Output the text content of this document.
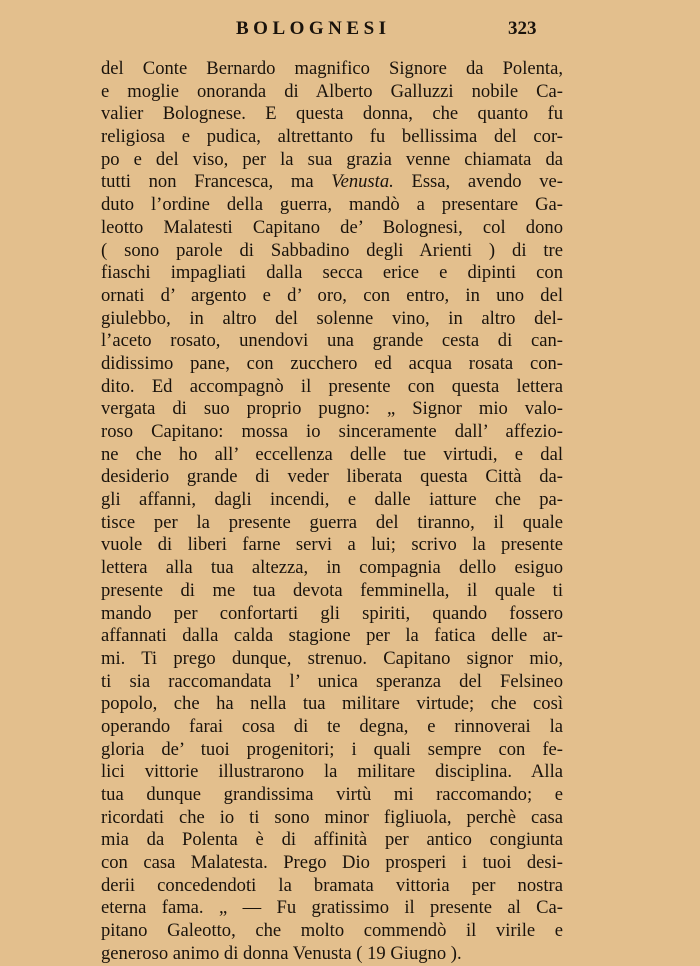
BOLOGNESI	323
del Conte Bernardo magnifico Signore da Polenta,
e moglie onoranda di Alberto Galluzzi nobile Ca-
valier Bolognese. E questa donna, che quanto fu
religiosa e pudica, altrettanto fu bellissima del cor-
po e del viso, per la sua grazia venne chiamata da
tutti non Francesca, ma Venusta. Essa, avendo ve-
duto l’ordine della guerra, mandò a presentare Ga-
leotto Malatesti Capitano de’ Bolognesi, col dono
( sono parole di Sabbadino degli Arienti ) di tre
fiaschi impagliati dalla secca erice e dipinti con
ornati d’ argento e d’ oro, con entro, in uno del
giulebbo, in altro del solenne vino, in altro del-
l’aceto rosato, unendovi una grande cesta di can-
didissimo pane, con zucchero ed acqua rosata con-
dito. Ed accompagnò il presente con questa lettera
vergata di suo proprio pugno: „ Signor mio valo-
roso Capitano: mossa io sinceramente dall’ affezio-
ne che ho all’ eccellenza delle tue virtudi, e dal
desiderio grande di veder liberata questa Città da-
gli affanni, dagli incendi, e dalle iatture che pa-
tisce per la presente guerra del tiranno, il quale
vuole di liberi farne servi a lui; scrivo la presente
lettera alla tua altezza, in compagnia dello esiguo
presente di me tua devota femminella, il quale ti
mando per confortarti gli spiriti, quando fossero
affannati dalla calda stagione per la fatica delle ar-
mi. Ti prego dunque, strenuo. Capitano signor mio,
ti sia raccomandata l’ unica speranza del Felsineo
popolo, che ha nella tua militare virtude; che così
operando farai cosa di te degna, e rinnoverai la
gloria de’ tuoi progenitori; i quali sempre con fe-
lici vittorie illustrarono la militare disciplina. Alla
tua dunque grandissima virtù mi raccomando; e
ricordati che io ti sono minor figliuola, perchè casa
mia da Polenta è di affinità per antico congiunta
con casa Malatesta. Prego Dio prosperi i tuoi desi-
derii concedendoti la bramata vittoria per nostra
eterna fama. „ — Fu gratissimo il presente al Ca-
pitano Galeotto, che molto commendò il virile e
generoso animo di donna Venusta ( 19 Giugno ).
